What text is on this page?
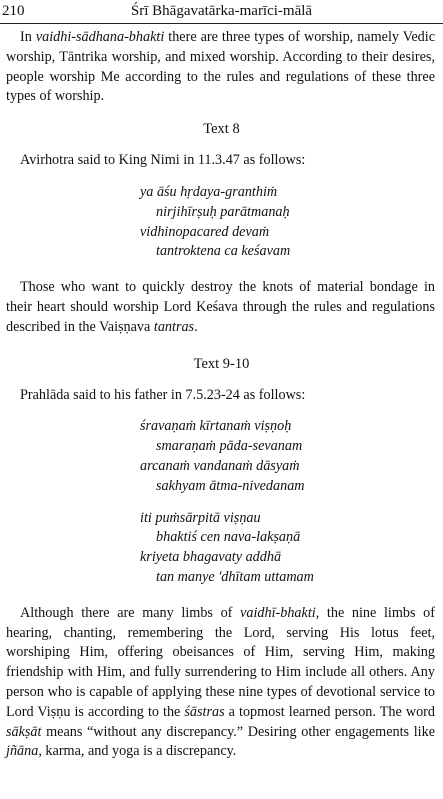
210	Śrī Bhāgavatārka-marīci-mālā

In vaidhi-sādhana-bhakti there are three types of worship, namely Vedic worship, Tāntrika worship, and mixed worship. According to their desires, people worship Me according to the rules and regulations of these three types of worship.

Text 8

Avirhotra said to King Nimi in 11.3.47 as follows:

ya āśu hṛdaya-granthiṁ
nirjihīrṣuḥ parātmanaḥ
vidhinopacared devaṁ
tantroktena ca keśavam

Those who want to quickly destroy the knots of material bondage in their heart should worship Lord Keśava through the rules and regulations described in the Vaiṣṇava tantras.

Text 9-10

Prahlāda said to his father in 7.5.23-24 as follows:

śravaṇaṁ kīrtanaṁ viṣṇoḥ
smaraṇaṁ pāda-sevanam
arcanaṁ vandanaṁ dāsyaṁ
sakhyam ātma-nivedanam
iti puṁsārpitā viṣṇau
bhaktiś cen nava-lakṣaṇā
kriyeta bhagavaty addhā
tan manye 'dhītam uttamam

Although there are many limbs of vaidhī-bhakti, the nine limbs of hearing, chanting, remembering the Lord, serving His lotus feet, worshiping Him, offering obeisances of Him, serving Him, making friendship with Him, and fully surrendering to Him include all others. Any person who is capable of applying these nine types of devotional service to Lord Viṣṇu is according to the śāstras a topmost learned person. The word sākṣāt means “without any discrepancy.” Desiring other engagements like jñāna, karma, and yoga is a discrepancy.
